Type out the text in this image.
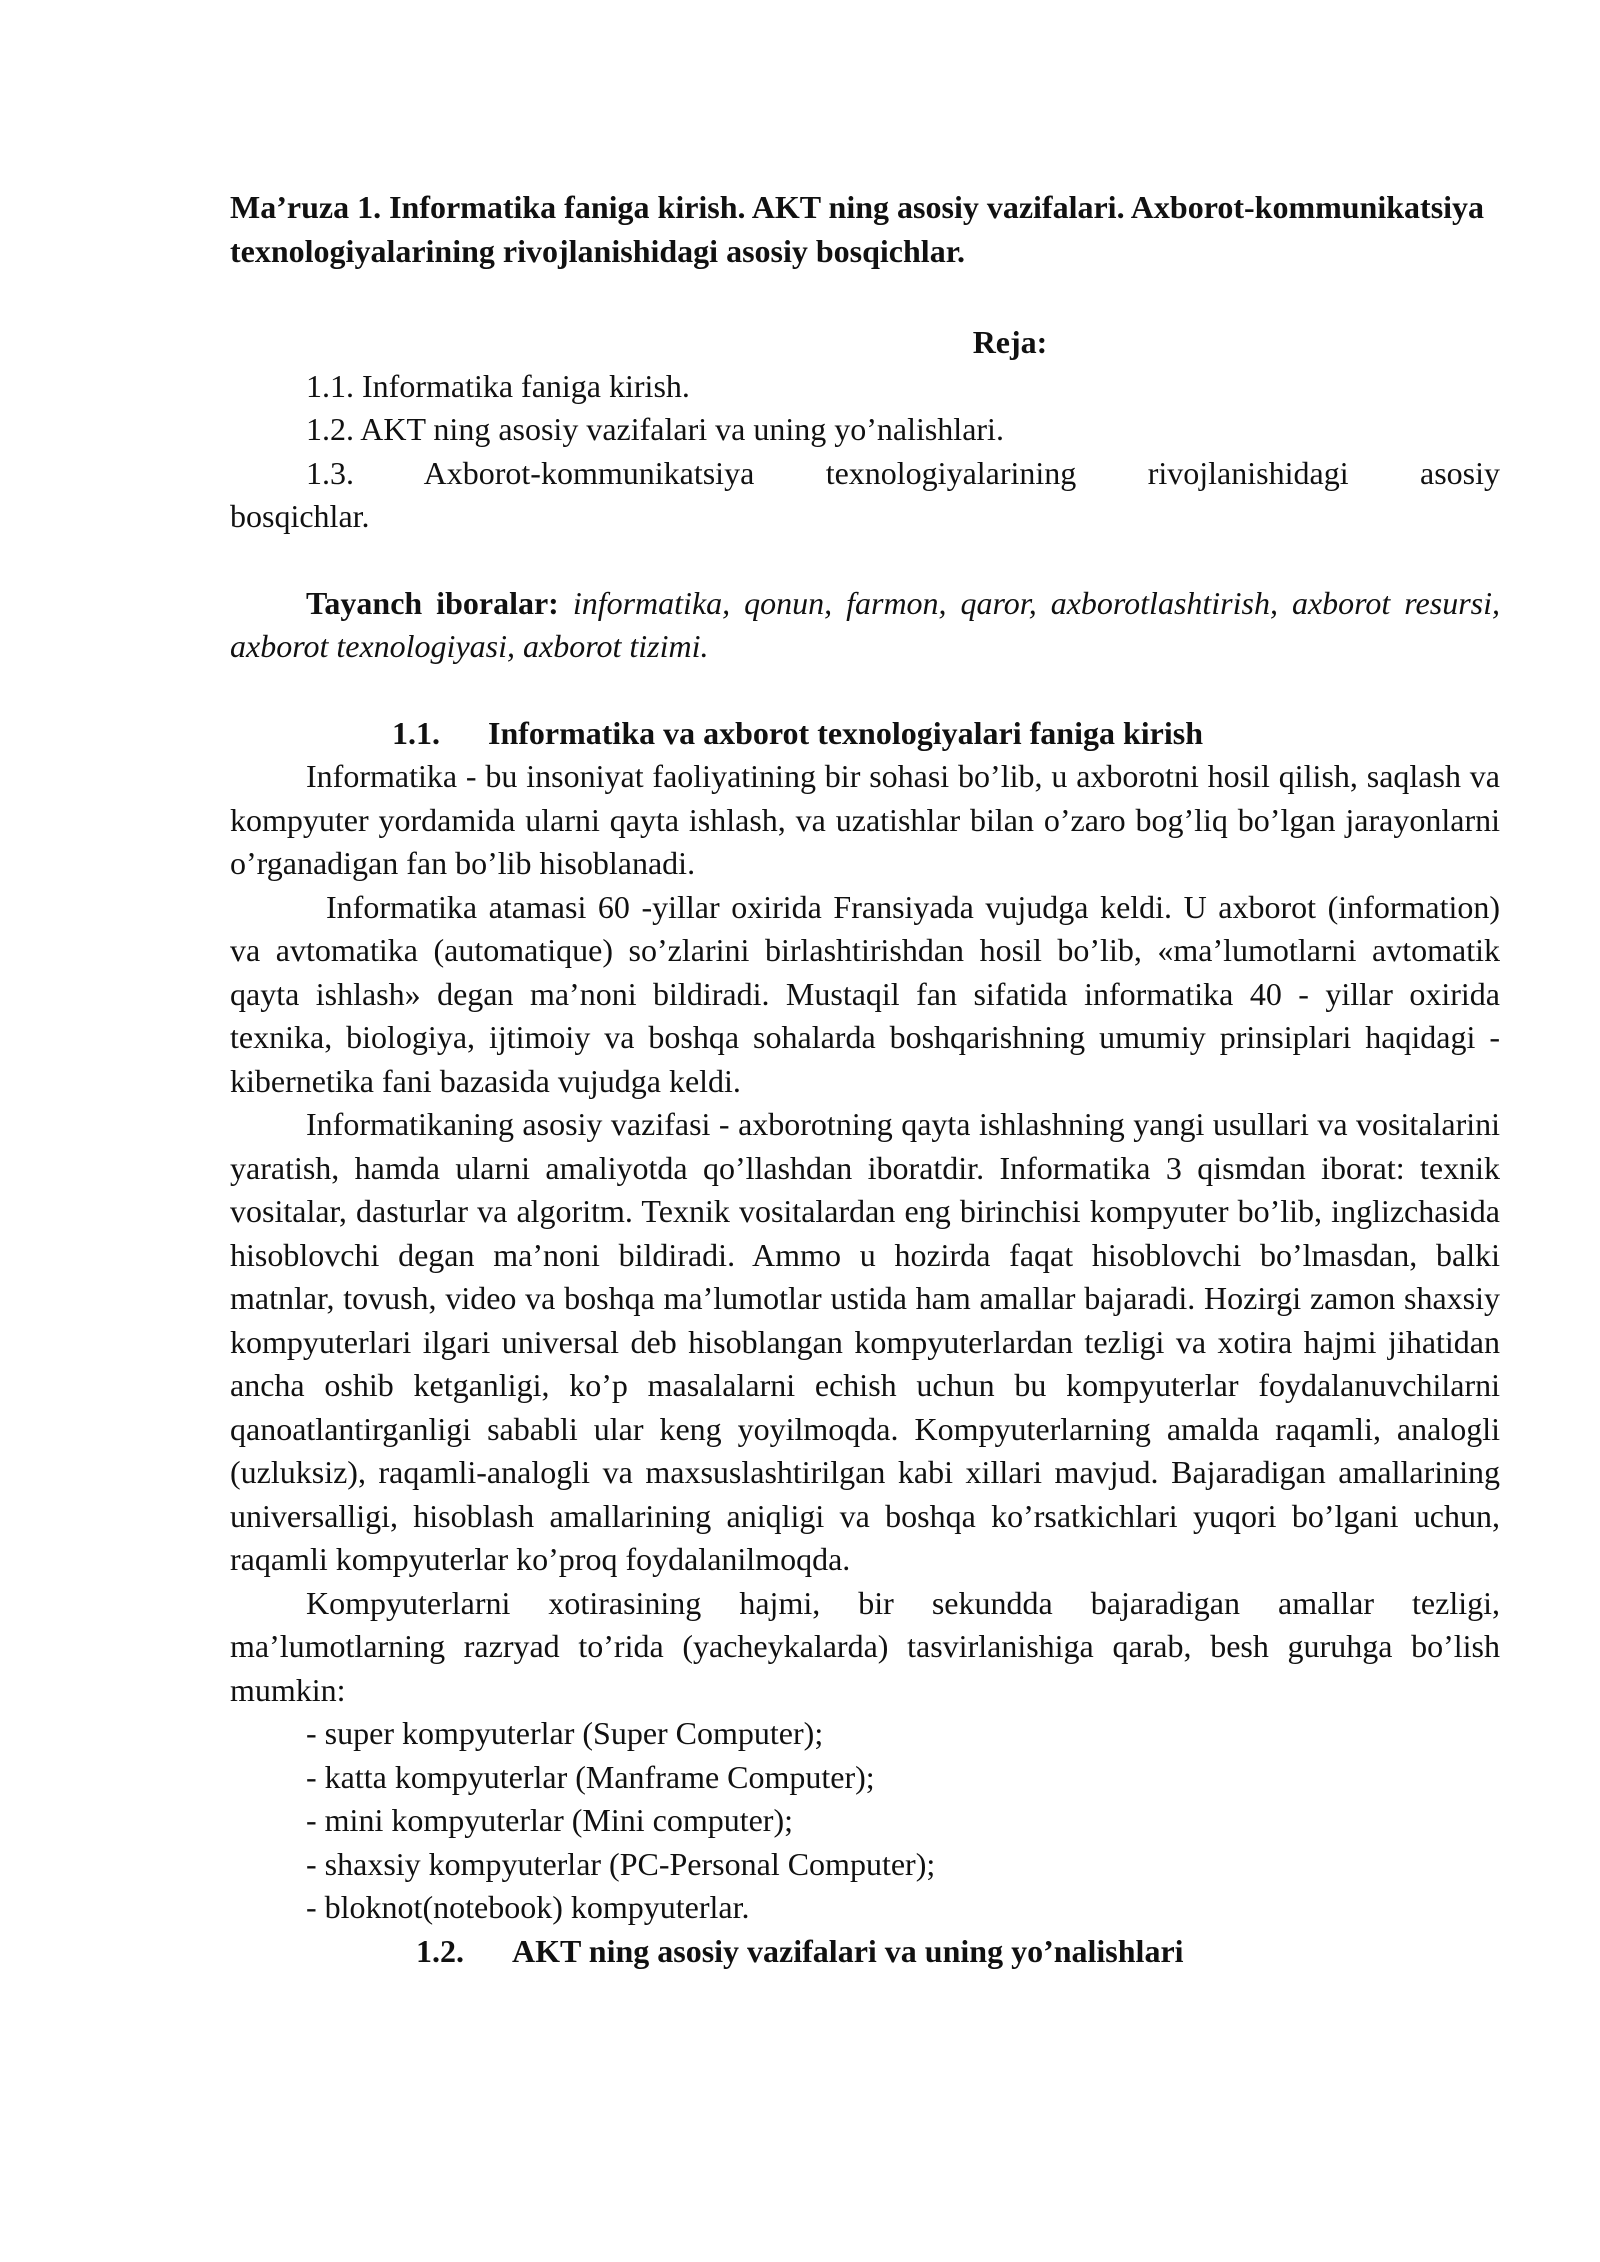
Ma’ruza 1. Informatika faniga kirish. AKT ning asosiy vazifalari. Axborot-kommunikatsiya texnologiyalarining rivojlanishidagi asosiy bosqichlar.

Reja:

1.1. Informatika faniga kirish.

1.2. AKT ning asosiy vazifalari va uning yo’nalishlari.

1.3. Axborot-kommunikatsiya texnologiyalarining rivojlanishidagi asosiy

bosqichlar.

Tayanch iboralar: informatika, qonun, farmon, qaror, axborotlashtirish, axborot resursi, axborot texnologiyasi, axborot tizimi.

1.1. Informatika va axborot texnologiyalari faniga kirish

Informatika - bu insoniyat faoliyatining bir sohasi bo’lib, u axborotni hosil qilish, saqlash va kompyuter yordamida ularni qayta ishlash, va uzatishlar bilan o’zaro bog’liq bo’lgan jarayonlarni o’rganadigan fan bo’lib hisoblanadi.

Informatika atamasi 60 -yillar oxirida Fransiyada vujudga keldi. U axborot (information) va avtomatika (automatique) so’zlarini birlashtirishdan hosil bo’lib, «ma’lumotlarni avtomatik qayta ishlash» degan ma’noni bildiradi. Mustaqil fan sifatida informatika 40 - yillar oxirida texnika, biologiya, ijtimoiy va boshqa sohalarda boshqarishning umumiy prinsiplari haqidagi - kibernetika fani bazasida vujudga keldi.

Informatikaning asosiy vazifasi - axborotning qayta ishlashning yangi usullari va vositalarini yaratish, hamda ularni amaliyotda qo’llashdan iboratdir. Informatika 3 qismdan iborat: texnik vositalar, dasturlar va algoritm. Texnik vositalardan eng birinchisi kompyuter bo’lib, inglizchasida hisoblovchi degan ma’noni bildiradi. Ammo u hozirda faqat hisoblovchi bo’lmasdan, balki matnlar, tovush, video va boshqa ma’lumotlar ustida ham amallar bajaradi. Hozirgi zamon shaxsiy kompyuterlari ilgari universal deb hisoblangan kompyuterlardan tezligi va xotira hajmi jihatidan ancha oshib ketganligi, ko’p masalalarni echish uchun bu kompyuterlar foydalanuvchilarni qanoatlantirganligi sababli ular keng yoyilmoqda. Kompyuterlarning amalda raqamli, analogli (uzluksiz), raqamli-analogli va maxsuslashtirilgan kabi xillari mavjud. Bajaradigan amallarining universalligi, hisoblash amallarining aniqligi va boshqa ko’rsatkichlari yuqori bo’lgani uchun, raqamli kompyuterlar ko’proq foydalanilmoqda.

Kompyuterlarni xotirasining hajmi, bir sekundda bajaradigan amallar tezligi, ma’lumotlarning razryad to’rida (yacheykalarda) tasvirlanishiga qarab, besh guruhga bo’lish mumkin:

- super kompyuterlar (Super Computer);

- katta kompyuterlar (Manframe Computer);

- mini kompyuterlar (Mini computer);

- shaxsiy kompyuterlar (PC-Personal Computer);

- bloknot(notebook) kompyuterlar.

1.2. AKT ning asosiy vazifalari va uning yo’nalishlari
